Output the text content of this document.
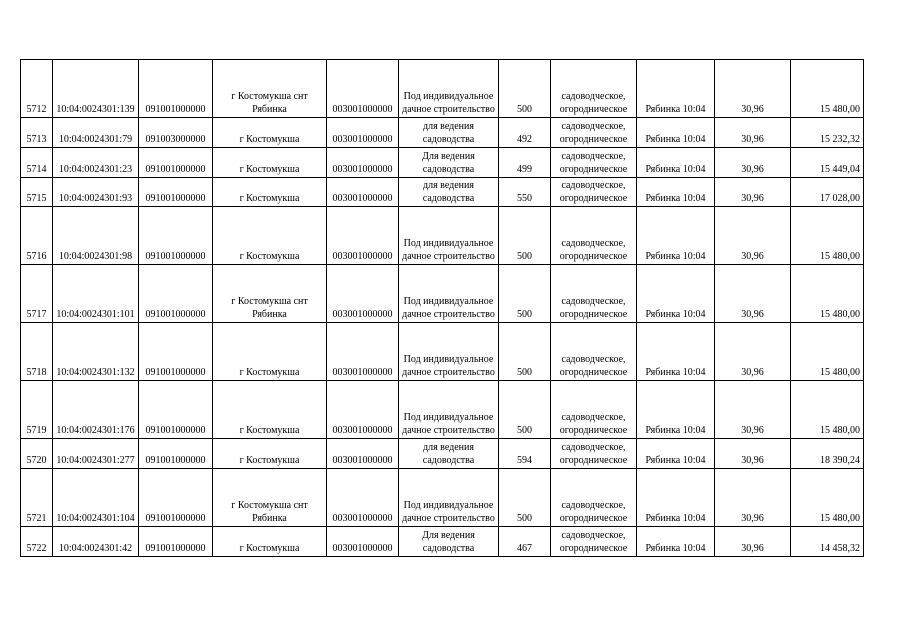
5712	10:04:0024301:139	091001000000	г Костомукша снт Рябинка	003001000000	Под индивидуальное дачное строительство	500	садоводческое, огородническое	Рябинка 10:04	30,96	15 480,00
5713	10:04:0024301:79	091003000000	г Костомукша	003001000000	для ведения садоводства	492	садоводческое, огородническое	Рябинка 10:04	30,96	15 232,32
5714	10:04:0024301:23	091001000000	г Костомукша	003001000000	Для ведения садоводства	499	садоводческое, огородническое	Рябинка 10:04	30,96	15 449,04
5715	10:04:0024301:93	091001000000	г Костомукша	003001000000	для ведения садоводства	550	садоводческое, огородническое	Рябинка 10:04	30,96	17 028,00
5716	10:04:0024301:98	091001000000	г Костомукша	003001000000	Под индивидуальное дачное строительство	500	садоводческое, огородническое	Рябинка 10:04	30,96	15 480,00
5717	10:04:0024301:101	091001000000	г Костомукша снт Рябинка	003001000000	Под индивидуальное дачное строительство	500	садоводческое, огородническое	Рябинка 10:04	30,96	15 480,00
5718	10:04:0024301:132	091001000000	г Костомукша	003001000000	Под индивидуальное дачное строительство	500	садоводческое, огородническое	Рябинка 10:04	30,96	15 480,00
5719	10:04:0024301:176	091001000000	г Костомукша	003001000000	Под индивидуальное дачное строительство	500	садоводческое, огородническое	Рябинка 10:04	30,96	15 480,00
5720	10:04:0024301:277	091001000000	г Костомукша	003001000000	для ведения садоводства	594	садоводческое, огородническое	Рябинка 10:04	30,96	18 390,24
5721	10:04:0024301:104	091001000000	г Костомукша снт Рябинка	003001000000	Под индивидуальное дачное строительство	500	садоводческое, огородническое	Рябинка 10:04	30,96	15 480,00
5722	10:04:0024301:42	091001000000	г Костомукша	003001000000	Для ведения садоводства	467	садоводческое, огородническое	Рябинка 10:04	30,96	14 458,32
